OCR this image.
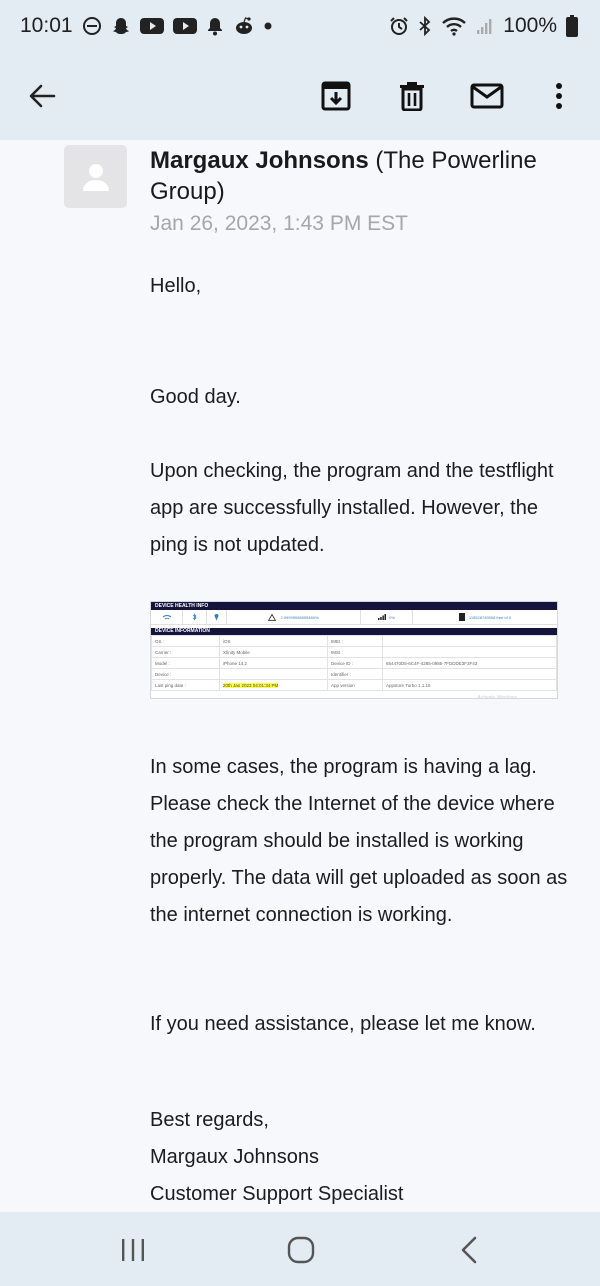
10:01	100%
Margaux Johnsons (The Powerline Group)
Jan 26, 2023, 1:43 PM EST
Hello,
Good day.
Upon checking, the program and the testflight app are successfully installed. However, the ping is not updated.
DEVICE HEALTH INFO
2.09999998509480%	0%	115528749508 free of 0
DEVICE INFORMATION
OS :	iOS	IMEI :	
Carrier :	Xfinity Mobile	IMSI :	
Model :	iPhone 14,2	Device ID :	654470D5-6C4F-4285-0985-7FDDDE3F3F43
Device :		Identifier :	
Last ping date :	20th Jan 2023 04:01:34 PM	App version	Appstore Turbo 1.1.16
Activate Windows
In some cases, the program is having a lag. Please check the Internet of the device where the program should be installed is working properly. The data will get uploaded as soon as the internet connection is working.
If you need assistance, please let me know.
Best regards,
Margaux Johnsons
Customer Support Specialist
